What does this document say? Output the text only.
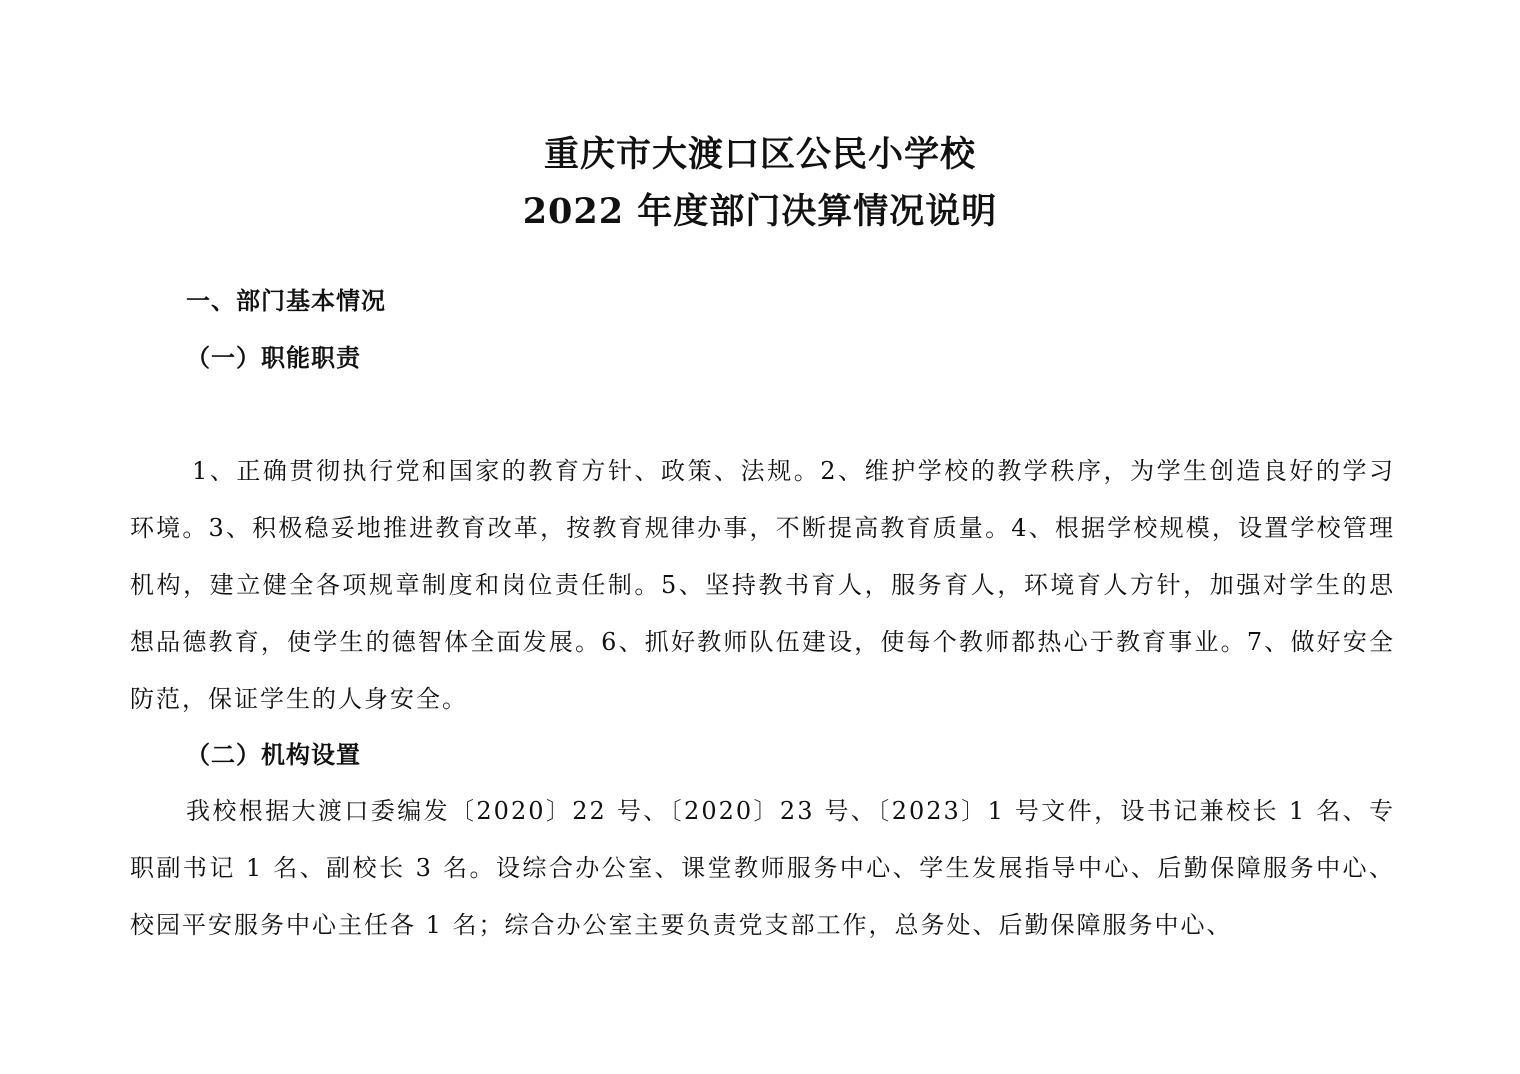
重庆市大渡口区公民小学校
2022 年度部门决算情况说明
一、部门基本情况
（一）职能职责

1、正确贯彻执行党和国家的教育方针、政策、法规。2、维护学校的教学秩序，为学生创造良好的学习环境。3、积极稳妥地推进教育改革，按教育规律办事，不断提高教育质量。4、根据学校规模，设置学校管理机构，建立健全各项规章制度和岗位责任制。5、坚持教书育人，服务育人，环境育人方针，加强对学生的思想品德教育，使学生的德智体全面发展。6、抓好教师队伍建设，使每个教师都热心于教育事业。7、做好安全防范，保证学生的人身安全。

（二）机构设置

我校根据大渡口委编发〔2020〕22 号、〔2020〕23 号、〔2023〕1 号文件，设书记兼校长 1 名、专职副书记 1 名、副校长 3 名。设综合办公室、课堂教师服务中心、学生发展指导中心、后勤保障服务中心、校园平安服务中心主任各 1 名；综合办公室主要负责党支部工作，总务处、后勤保障服务中心、
